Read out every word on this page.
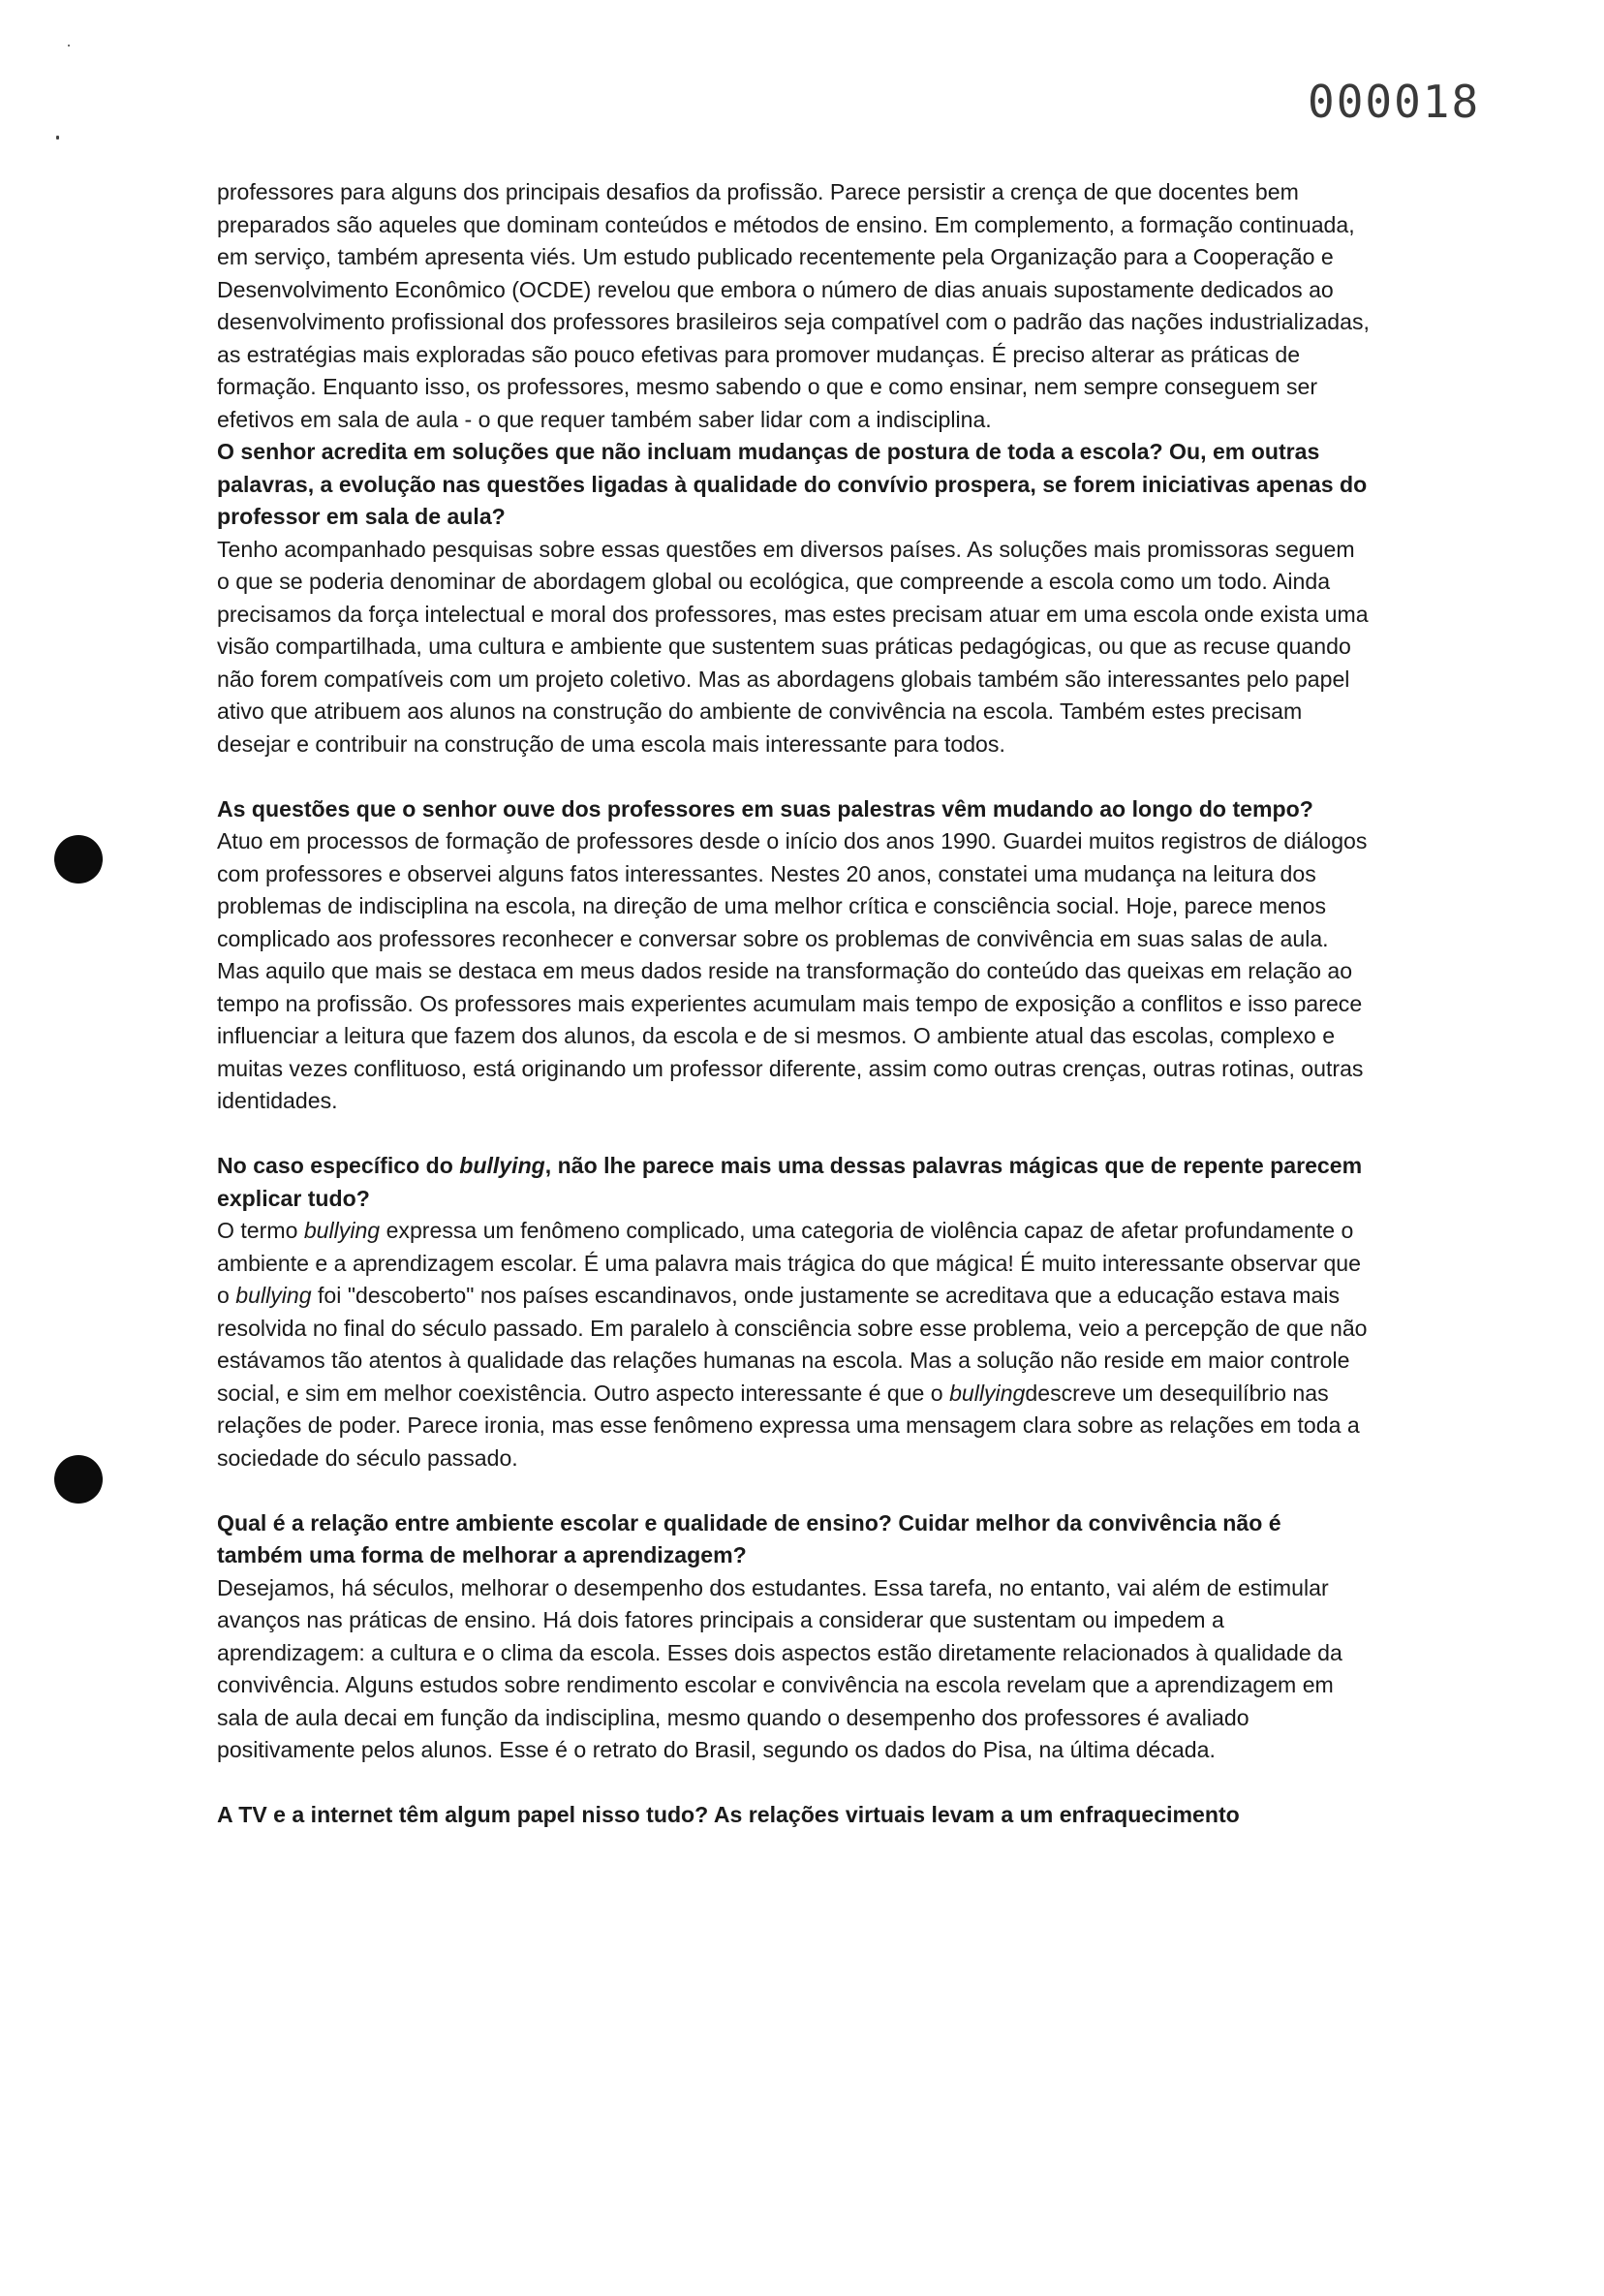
000018

professores para alguns dos principais desafios da profissão. Parece persistir a crença de que docentes bem preparados são aqueles que dominam conteúdos e métodos de ensino. Em complemento, a formação continuada, em serviço, também apresenta viés. Um estudo publicado recentemente pela Organização para a Cooperação e Desenvolvimento Econômico (OCDE) revelou que embora o número de dias anuais supostamente dedicados ao desenvolvimento profissional dos professores brasileiros seja compatível com o padrão das nações industrializadas, as estratégias mais exploradas são pouco efetivas para promover mudanças. É preciso alterar as práticas de formação. Enquanto isso, os professores, mesmo sabendo o que e como ensinar, nem sempre conseguem ser efetivos em sala de aula - o que requer também saber lidar com a indisciplina.

O senhor acredita em soluções que não incluam mudanças de postura de toda a escola? Ou, em outras palavras, a evolução nas questões ligadas à qualidade do convívio prospera, se forem iniciativas apenas do professor em sala de aula?

Tenho acompanhado pesquisas sobre essas questões em diversos países. As soluções mais promissoras seguem o que se poderia denominar de abordagem global ou ecológica, que compreende a escola como um todo. Ainda precisamos da força intelectual e moral dos professores, mas estes precisam atuar em uma escola onde exista uma visão compartilhada, uma cultura e ambiente que sustentem suas práticas pedagógicas, ou que as recuse quando não forem compatíveis com um projeto coletivo. Mas as abordagens globais também são interessantes pelo papel ativo que atribuem aos alunos na construção do ambiente de convivência na escola. Também estes precisam desejar e contribuir na construção de uma escola mais interessante para todos.

As questões que o senhor ouve dos professores em suas palestras vêm mudando ao longo do tempo?

Atuo em processos de formação de professores desde o início dos anos 1990. Guardei muitos registros de diálogos com professores e observei alguns fatos interessantes. Nestes 20 anos, constatei uma mudança na leitura dos problemas de indisciplina na escola, na direção de uma melhor crítica e consciência social. Hoje, parece menos complicado aos professores reconhecer e conversar sobre os problemas de convivência em suas salas de aula. Mas aquilo que mais se destaca em meus dados reside na transformação do conteúdo das queixas em relação ao tempo na profissão. Os professores mais experientes acumulam mais tempo de exposição a conflitos e isso parece influenciar a leitura que fazem dos alunos, da escola e de si mesmos. O ambiente atual das escolas, complexo e muitas vezes conflituoso, está originando um professor diferente, assim como outras crenças, outras rotinas, outras identidades.

No caso específico do bullying, não lhe parece mais uma dessas palavras mágicas que de repente parecem explicar tudo?

O termo bullying expressa um fenômeno complicado, uma categoria de violência capaz de afetar profundamente o ambiente e a aprendizagem escolar. É uma palavra mais trágica do que mágica! É muito interessante observar que o bullying foi "descoberto" nos países escandinavos, onde justamente se acreditava que a educação estava mais resolvida no final do século passado. Em paralelo à consciência sobre esse problema, veio a percepção de que não estávamos tão atentos à qualidade das relações humanas na escola. Mas a solução não reside em maior controle social, e sim em melhor coexistência. Outro aspecto interessante é que o bullyingdescreve um desequilíbrio nas relações de poder. Parece ironia, mas esse fenômeno expressa uma mensagem clara sobre as relações em toda a sociedade do século passado.

Qual é a relação entre ambiente escolar e qualidade de ensino? Cuidar melhor da convivência não é também uma forma de melhorar a aprendizagem?

Desejamos, há séculos, melhorar o desempenho dos estudantes. Essa tarefa, no entanto, vai além de estimular avanços nas práticas de ensino. Há dois fatores principais a considerar que sustentam ou impedem a aprendizagem: a cultura e o clima da escola. Esses dois aspectos estão diretamente relacionados à qualidade da convivência. Alguns estudos sobre rendimento escolar e convivência na escola revelam que a aprendizagem em sala de aula decai em função da indisciplina, mesmo quando o desempenho dos professores é avaliado positivamente pelos alunos. Esse é o retrato do Brasil, segundo os dados do Pisa, na última década.

A TV e a internet têm algum papel nisso tudo? As relações virtuais levam a um enfraquecimento
